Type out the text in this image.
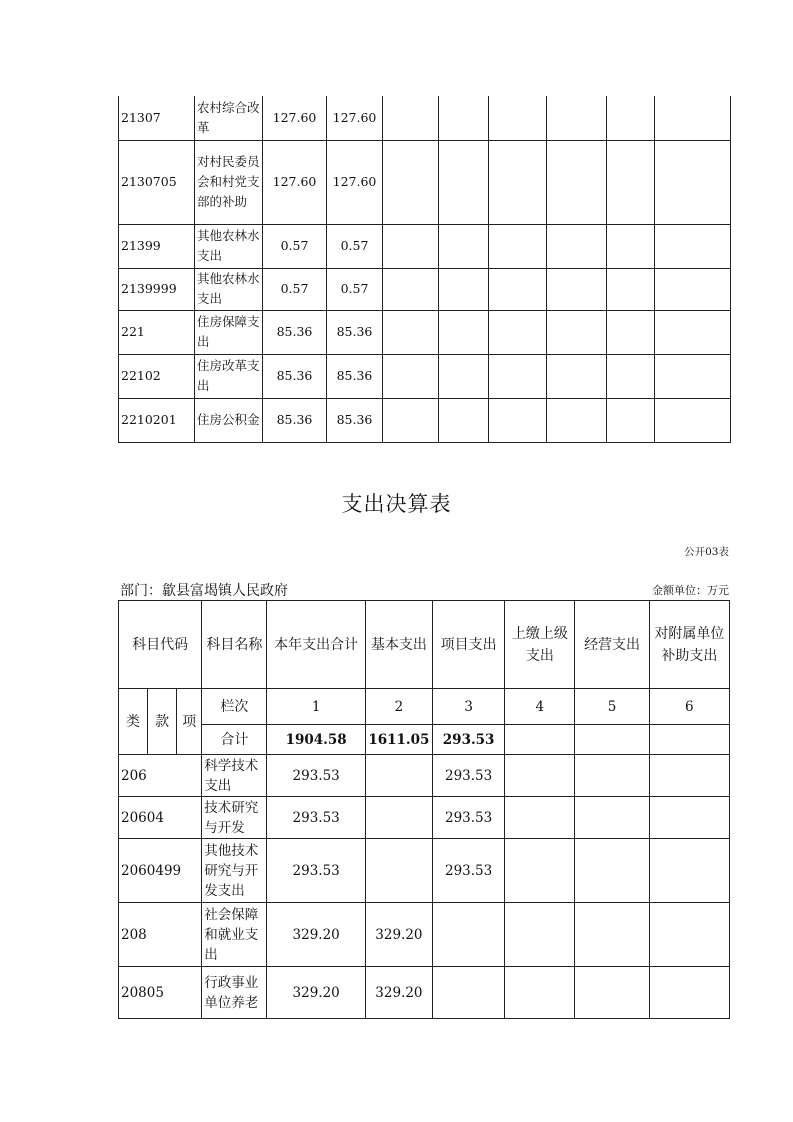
21307	农村综合改革	127.60	127.60						
2130705	对村民委员会和村党支部的补助	127.60	127.60						
21399	其他农林水支出	0.57	0.57						
2139999	其他农林水支出	0.57	0.57						
221	住房保障支出	85.36	85.36						
22102	住房改革支出	85.36	85.36						
2210201	住房公积金	85.36	85.36						
支出决算表
公开03表
部门：歙县富堨镇人民政府	金额单位：万元
科目代码			科目名称	本年支出合计	基本支出	项目支出	上缴上级支出	经营支出	对附属单位补助支出
类	款	项	栏次	1	2	3	4	5	6
			合计	1904.58	1611.05	293.53			
206			科学技术支出	293.53		293.53			
20604			技术研究与开发	293.53		293.53			
2060499			其他技术研究与开发支出	293.53		293.53			
208			社会保障和就业支出	329.20	329.20				
20805			行政事业单位养老	329.20	329.20				
